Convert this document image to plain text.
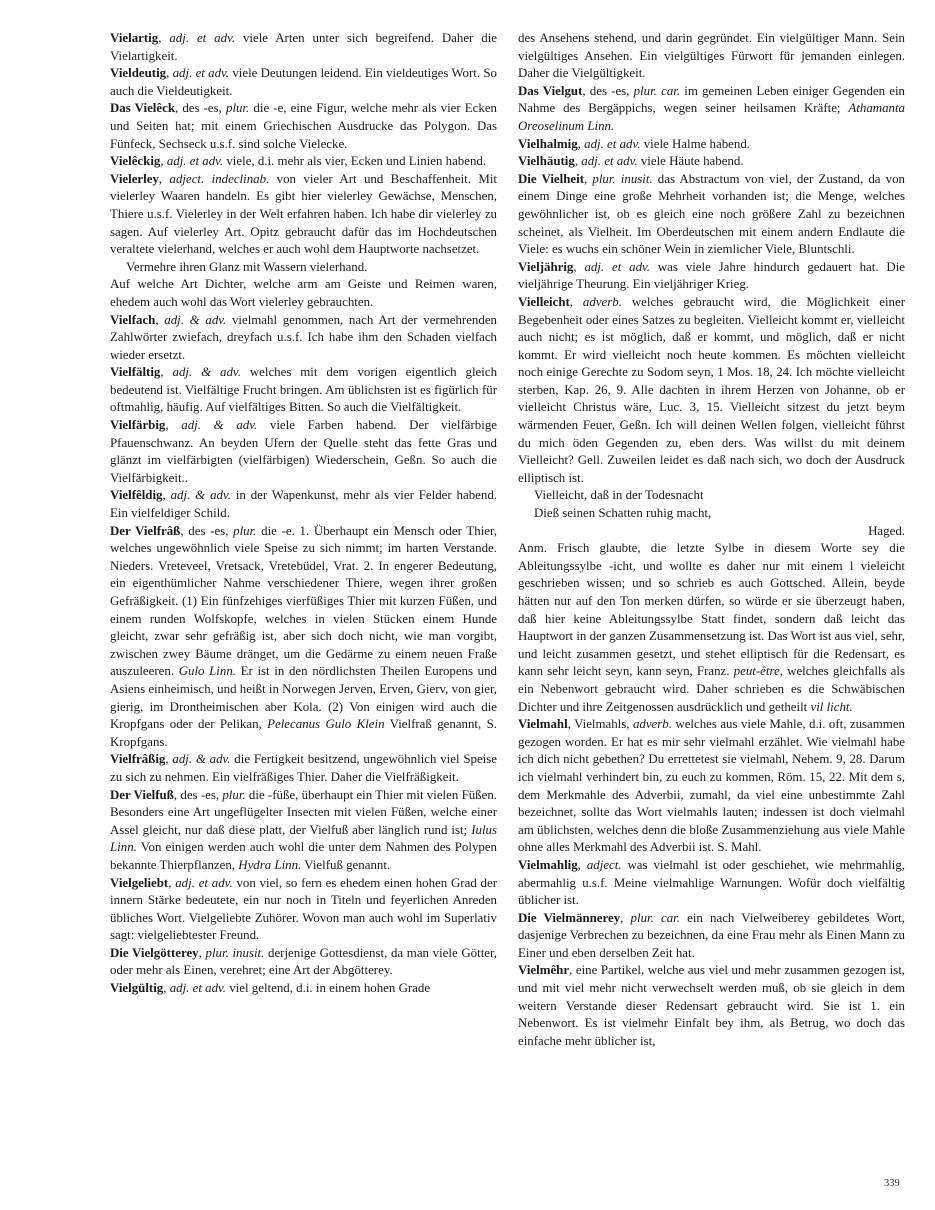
Vielartig, adj. et adv. viele Arten unter sich begreifend. Daher die Vielartigkeit.

Vieldeutig, adj. et adv. viele Deutungen leidend. Ein vieldeutiges Wort. So auch die Vieldeutigkeit.

Das Vielêck, des -es, plur. die -e, eine Figur, welche mehr als vier Ecken und Seiten hat; mit einem Griechischen Ausdrucke das Polygon. Das Fünfeck, Sechseck u.s.f. sind solche Vielecke.

Vielêckig, adj. et adv. viele, d.i. mehr als vier, Ecken und Linien habend.

Vielerley, adject. indeclinab. von vieler Art und Beschaffenheit. Mit vielerley Waaren handeln. Es gibt hier vielerley Gewächse, Menschen, Thiere u.s.f. Vielerley in der Welt erfahren haben. Ich habe dir vielerley zu sagen. Auf vielerley Art. Opitz gebraucht dafür das im Hochdeutschen veraltete vielerhand, welches er auch wohl dem Hauptworte nachsetzet.

Vermehre ihren Glanz mit Wassern vielerhand.

Auf welche Art Dichter, welche arm am Geiste und Reimen waren, ehedem auch wohl das Wort vielerley gebrauchten.

Vielfach, adj. & adv. vielmahl genommen, nach Art der vermehrenden Zahlwörter zwiefach, dreyfach u.s.f. Ich habe ihm den Schaden vielfach wieder ersetzt.

Vielfältig, adj. & adv. welches mit dem vorigen eigentlich gleich bedeutend ist. Vielfältige Frucht bringen. Am üblichsten ist es figürlich für oftmahlig, häufig. Auf vielfältiges Bitten. So auch die Vielfältigkeit.

Vielfärbig, adj. & adv. viele Farben habend. Der vielfärbige Pfauenschwanz. An beyden Ufern der Quelle steht das fette Gras und glänzt im vielfärbigten (vielfärbigen) Wiederschein, Geßn. So auch die Vielfärbigkeit..

Vielfêldig, adj. & adv. in der Wapenkunst, mehr als vier Felder habend. Ein vielfeldiger Schild.

Der Vielfrâß, des -es, plur. die -e. 1. Überhaupt ein Mensch oder Thier, welches ungewöhnlich viele Speise zu sich nimmt; im harten Verstande. Nieders. Vreteveel, Vretsack, Vretebüdel, Vrat. 2. In engerer Bedeutung, ein eigenthümlicher Nahme verschiedener Thiere, wegen ihrer großen Gefräßigkeit. (1) Ein fünfzehiges vierfüßiges Thier mit kurzen Füßen, und einem runden Wolfskopfe, welches in vielen Stücken einem Hunde gleicht, zwar sehr gefräßig ist, aber sich doch nicht, wie man vorgibt, zwischen zwey Bäume dränget, um die Gedärme zu einem neuen Fraße auszuleeren. Gulo Linn. Er ist in den nördlichsten Theilen Europens und Asiens einheimisch, und heißt in Norwegen Jerven, Erven, Gierv, von gier, gierig, im Drontheimischen aber Kola. (2) Von einigen wird auch die Kropfgans oder der Pelikan, Pelecanus Gulo Klein Vielfraß genannt, S. Kropfgans.

Vielfrâßig, adj. & adv. die Fertigkeit besitzend, ungewöhnlich viel Speise zu sich zu nehmen. Ein vielfräßiges Thier. Daher die Vielfräßigkeit.

Der Vielfuß, des -es, plur. die -füße, überhaupt ein Thier mit vielen Füßen. Besonders eine Art ungeflügelter Insecten mit vielen Füßen, welche einer Assel gleicht, nur daß diese platt, der Vielfuß aber länglich rund ist; Iulus Linn. Von einigen werden auch wohl die unter dem Nahmen des Polypen bekannte Thierpflanzen, Hydra Linn. Vielfuß genannt.

Vielgeliebt, adj. et adv. von viel, so fern es ehedem einen hohen Grad der innern Stärke bedeutete, ein nur noch in Titeln und feyerlichen Anreden übliches Wort. Vielgeliebte Zuhörer. Wovon man auch wohl im Superlativ sagt: vielgeliebtester Freund.

Die Vielgötterey, plur. inusit. derjenige Gottesdienst, da man viele Götter, oder mehr als Einen, verehret; eine Art der Abgötterey.

Vielgültig, adj. et adv. viel geltend, d.i. in einem hohen Grade

des Ansehens stehend, und darin gegründet. Ein vielgültiger Mann. Sein vielgültiges Ansehen. Ein vielgültiges Fürwort für jemanden einlegen. Daher die Vielgültigkeit.

Das Vielgut, des -es, plur. car. im gemeinen Leben einiger Gegenden ein Nahme des Bergäppichs, wegen seiner heilsamen Kräfte; Athamanta Oreoselinum Linn.

Vielhalmig, adj. et adv. viele Halme habend.

Vielhäutig, adj. et adv. viele Häute habend.

Die Vielheit, plur. inusit. das Abstractum von viel, der Zustand, da von einem Dinge eine große Mehrheit vorhanden ist; die Menge, welches gewöhnlicher ist, ob es gleich eine noch größere Zahl zu bezeichnen scheinet, als Vielheit. Im Oberdeutschen mit einem andern Endlaute die Viele: es wuchs ein schöner Wein in ziemlicher Viele, Bluntschli.

Vieljährig, adj. et adv. was viele Jahre hindurch gedauert hat. Die vieljährige Theurung. Ein vieljähriger Krieg.

Vielleicht, adverb. welches gebraucht wird, die Möglichkeit einer Begebenheit oder eines Satzes zu begleiten. Vielleicht kommt er, vielleicht auch nicht; es ist möglich, daß er kommt, und möglich, daß er nicht kommt. Er wird vielleicht noch heute kommen. Es möchten vielleicht noch einige Gerechte zu Sodom seyn, 1 Mos. 18, 24. Ich möchte vielleicht sterben, Kap. 26, 9. Alle dachten in ihrem Herzen von Johanne, ob er vielleicht Christus wäre, Luc. 3, 15. Vielleicht sitzest du jetzt beym wärmenden Feuer, Geßn. Ich will deinen Wellen folgen, vielleicht führst du mich öden Gegenden zu, eben ders. Was willst du mit deinem Vielleicht? Gell. Zuweilen leidet es daß nach sich, wo doch der Ausdruck elliptisch ist.

Vielleicht, daß in der Todesnacht

Dieß seinen Schatten ruhig macht,

Haged.

Anm. Frisch glaubte, die letzte Sylbe in diesem Worte sey die Ableitungssylbe -icht, und wollte es daher nur mit einem l vieleicht geschrieben wissen; und so schrieb es auch Gottsched. Allein, beyde hätten nur auf den Ton merken dürfen, so würde er sie überzeugt haben, daß hier keine Ableitungssylbe Statt findet, sondern daß leicht das Hauptwort in der ganzen Zusammensetzung ist. Das Wort ist aus viel, sehr, und leicht zusammen gesetzt, und stehet elliptisch für die Redensart, es kann sehr leicht seyn, kann seyn, Franz. peut-être, welches gleichfalls als ein Nebenwort gebraucht wird. Daher schrieben es die Schwäbischen Dichter und ihre Zeitgenossen ausdrücklich und getheilt vil licht.

Vielmahl, Vielmahls, adverb. welches aus viele Mahle, d.i. oft, zusammen gezogen worden. Er hat es mir sehr vielmahl erzählet. Wie vielmahl habe ich dich nicht gebethen? Du errettetest sie vielmahl, Nehem. 9, 28. Darum ich vielmahl verhindert bin, zu euch zu kommen, Röm. 15, 22. Mit dem s, dem Merkmahle des Adverbii, zumahl, da viel eine unbestimmte Zahl bezeichnet, sollte das Wort vielmahls lauten; indessen ist doch vielmahl am üblichsten, welches denn die bloße Zusammenziehung aus viele Mahle ohne alles Merkmahl des Adverbii ist. S. Mahl.

Vielmahlig, adject. was vielmahl ist oder geschiehet, wie mehrmahlig, abermahlig u.s.f. Meine vielmahlige Warnungen. Wofür doch vielfältig üblicher ist.

Die Vielmännerey, plur. car. ein nach Vielweiberey gebildetes Wort, dasjenige Verbrechen zu bezeichnen, da eine Frau mehr als Einen Mann zu Einer und eben derselben Zeit hat.

Vielmêhr, eine Partikel, welche aus viel und mehr zusammen gezogen ist, und mit viel mehr nicht verwechselt werden muß, ob sie gleich in dem weitern Verstande dieser Redensart gebraucht wird. Sie ist 1. ein Nebenwort. Es ist vielmehr Einfalt bey ihm, als Betrug, wo doch das einfache mehr üblicher ist,

339
